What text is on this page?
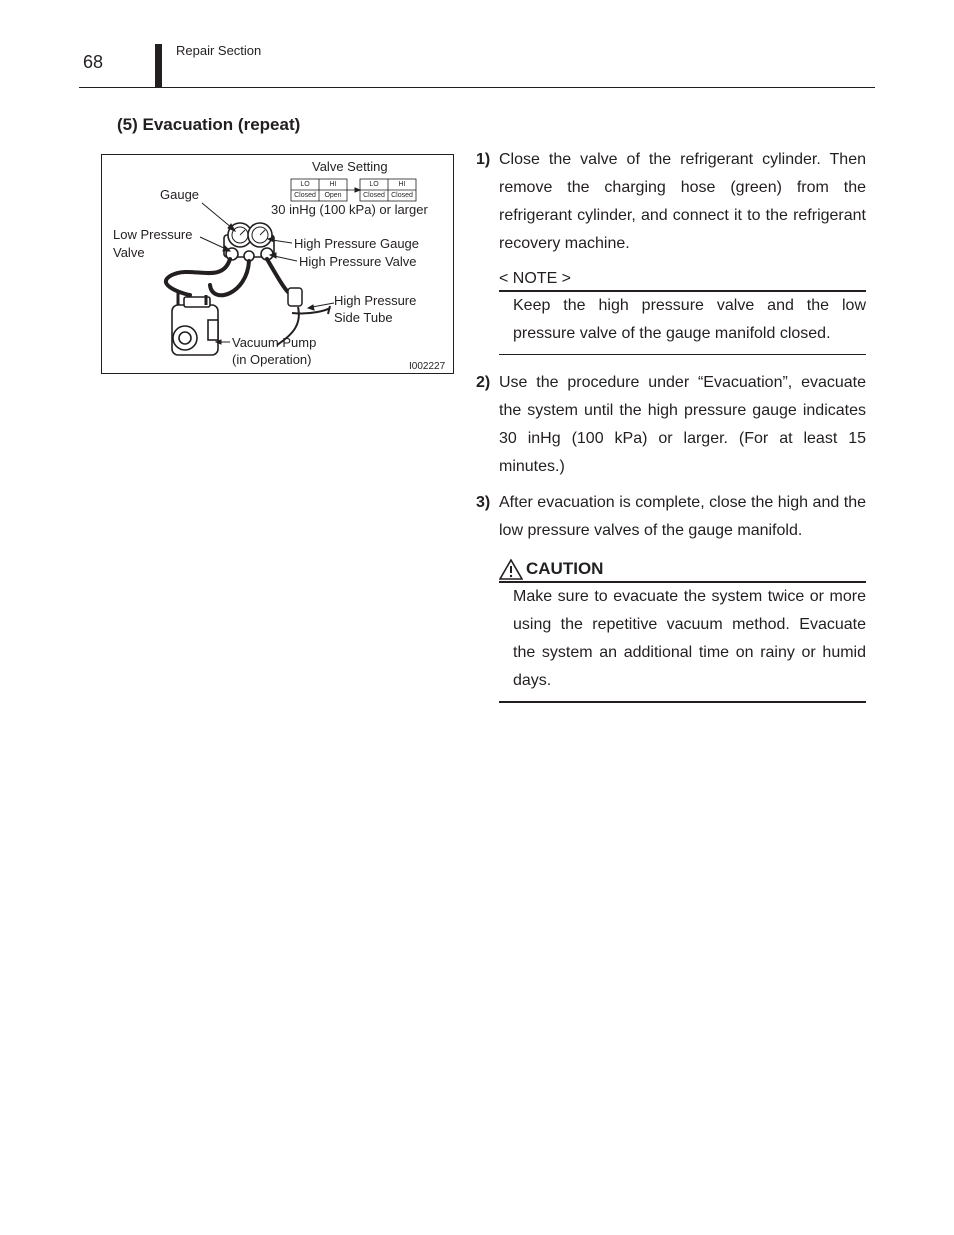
68
Repair Section
(5) Evacuation (repeat)
Valve Setting
LO	HI
Closed	Open
LO	HI
Closed Closed
30 inHg (100 kPa) or larger
Gauge
Low Pressure
Valve
High Pressure Gauge
High Pressure Valve
High Pressure
Side Tube
Vacuum Pump
(in Operation)	I002227
1) Close the valve of the refrigerant cylinder. Then remove the charging hose (green) from the refrigerant cylinder, and connect it to the refrigerant recovery machine.
< NOTE >
Keep the high pressure valve and the low pressure valve of the gauge manifold closed.
2) Use the procedure under “Evacuation”, evacuate the system until the high pressure gauge indicates 30 inHg (100 kPa) or larger. (For at least 15 minutes.)
3) After evacuation is complete, close the high and the low pressure valves of the gauge manifold.
CAUTION
Make sure to evacuate the system twice or more using the repetitive vacuum method. Evacuate the system an additional time on rainy or humid days.
